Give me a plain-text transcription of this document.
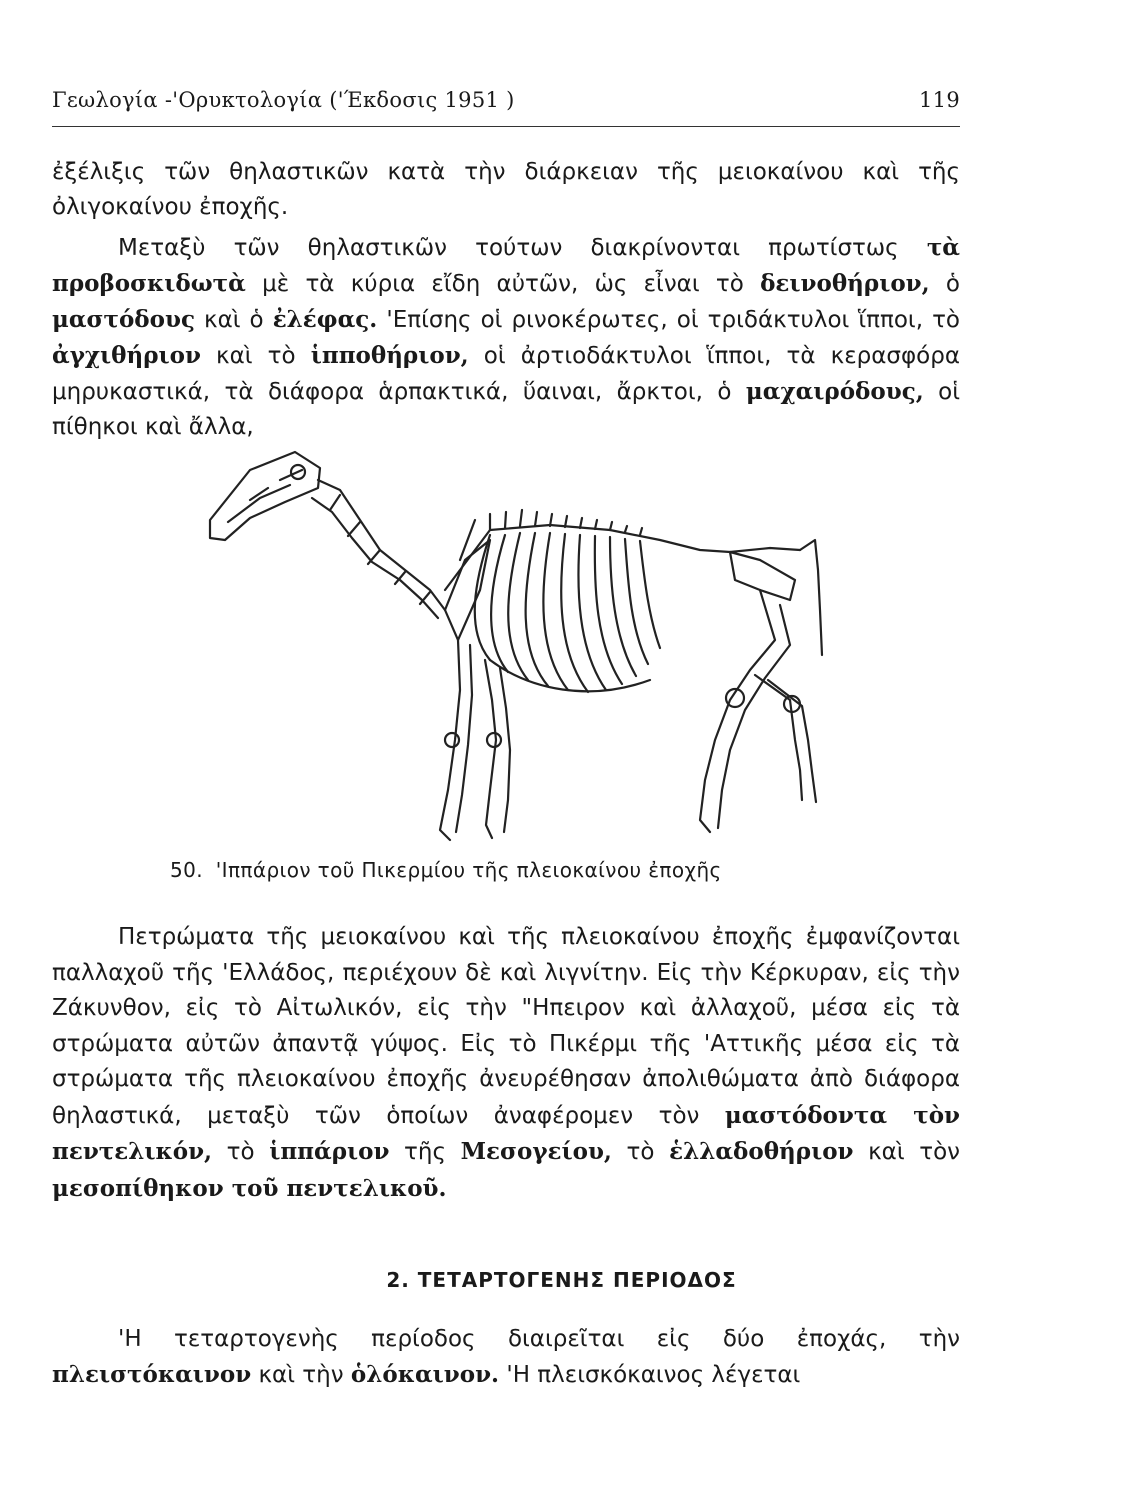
Γεωλογία -'Ορυκτολογία ('Έκδοσις 1951 )	119

ἐξέλιξις τῶν θηλαστικῶν κατὰ τὴν διάρκειαν τῆς μειοκαίνου καὶ τῆς ὀλιγοκαίνου ἐποχῆς.

Μεταξὺ τῶν θηλαστικῶν τούτων διακρίνονται πρωτίστως τὰ προβοσκιδωτὰ μὲ τὰ κύρια εἴδη αὐτῶν, ὡς εἶναι τὸ δεινοθήριον, ὁ μαστόδους καὶ ὁ ἐλέφας. 'Επίσης οἱ ρινοκέρωτες, οἱ τριδάκτυλοι ἵπποι, τὸ ἀγχιθήριον καὶ τὸ ἱπποθήριον, οἱ ἀρτιοδάκτυλοι ἵπποι, τὰ κερασφόρα μηρυκαστικά, τὰ διάφορα ἁρπακτικά, ὕαιναι, ἄρκτοι, ὁ μαχαιρόδους, οἱ πίθηκοι καὶ ἄλλα,

50. 'Ιππάριον τοῦ Πικερμίου τῆς πλειοκαίνου ἐποχῆς

Πετρώματα τῆς μειοκαίνου καὶ τῆς πλειοκαίνου ἐποχῆς ἐμφανίζονται παλλαχοῦ τῆς 'Ελλάδος, περιέχουν δὲ καὶ λιγνίτην. Εἰς τὴν Κέρκυραν, εἰς τὴν Ζάκυνθον, εἰς τὸ Αἰτωλικόν, εἰς τὴν "Ηπειρον καὶ ἀλλαχοῦ, μέσα εἰς τὰ στρώματα αὐτῶν ἀπαντᾷ γύψος. Εἰς τὸ Πικέρμι τῆς 'Αττικῆς μέσα εἰς τὰ στρώματα τῆς πλειοκαίνου ἐποχῆς ἀνευρέθησαν ἀπολιθώματα ἀπὸ διάφορα θηλαστικά, μεταξὺ τῶν ὁποίων ἀναφέρομεν τὸν μαστόδοντα τὸν πεντελικόν, τὸ ἱππάριον τῆς Μεσογείου, τὸ ἑλλαδοθήριον καὶ τὸν μεσοπίθηκον τοῦ πεντελικοῦ.

2. ΤΕΤΑΡΤΟΓΕΝΗΣ ΠΕΡΙΟΔΟΣ

'Η τεταρτογενὴς περίοδος διαιρεῖται εἰς δύο ἐποχάς, τὴν πλειστόκαινον καὶ τὴν ὁλόκαινον. 'Η πλεισκόκαινος λέγεται
